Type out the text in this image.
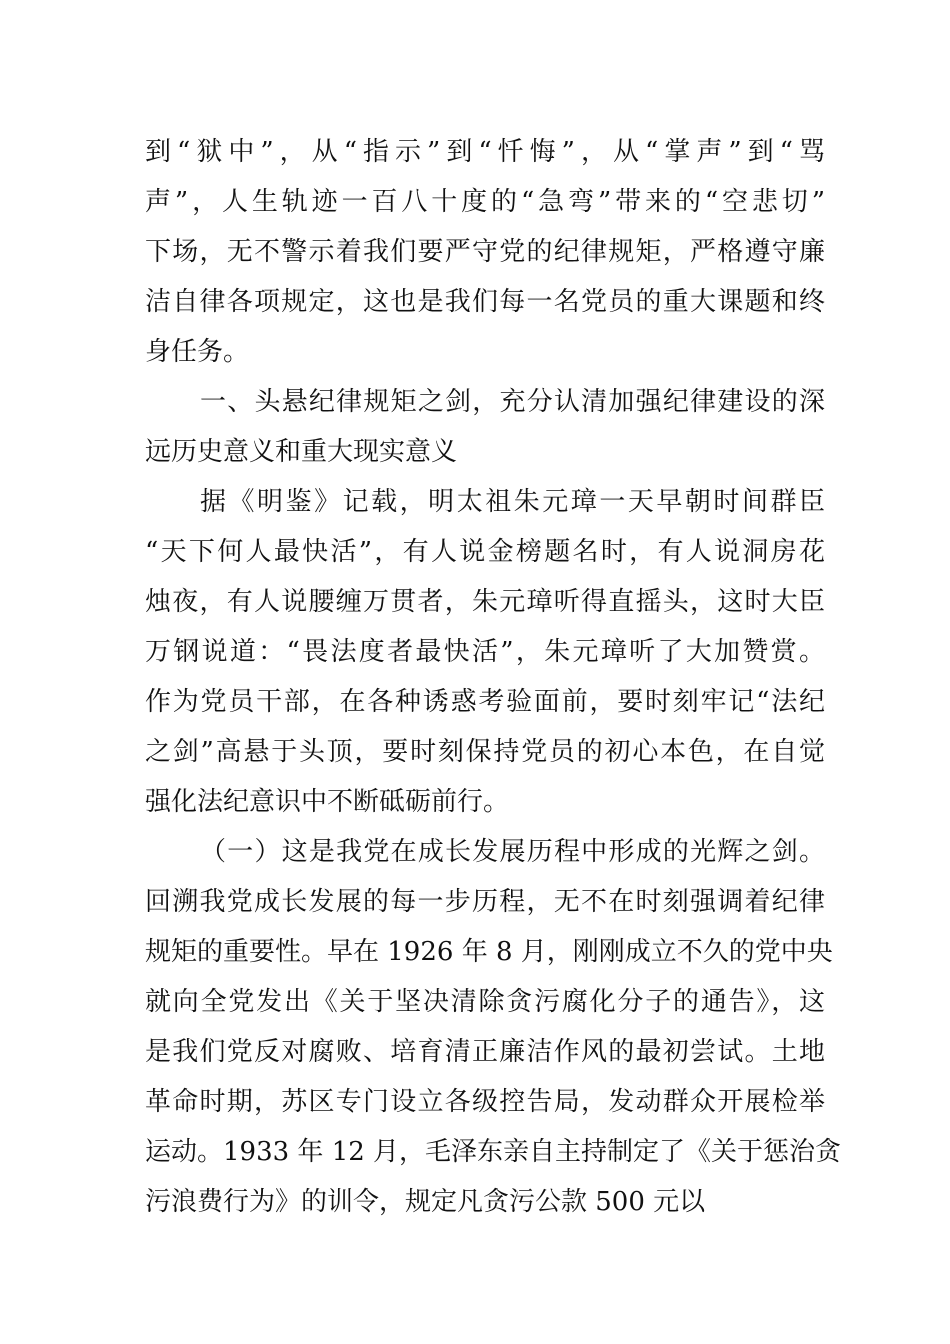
到“狱中”，从“指示”到“忏悔”，从“掌声”到“骂
声”，人生轨迹一百八十度的“急弯”带来的“空悲切”
下场，无不警示着我们要严守党的纪律规矩，严格遵守廉
洁自律各项规定，这也是我们每一名党员的重大课题和终
身任务。
一、头悬纪律规矩之剑，充分认清加强纪律建设的深
远历史意义和重大现实意义
据《明鉴》记载，明太祖朱元璋一天早朝时间群臣
“天下何人最快活”，有人说金榜题名时，有人说洞房花
烛夜，有人说腰缠万贯者，朱元璋听得直摇头，这时大臣
万钢说道：“畏法度者最快活”，朱元璋听了大加赞赏。
作为党员干部，在各种诱惑考验面前，要时刻牢记“法纪
之剑”高悬于头顶，要时刻保持党员的初心本色，在自觉
强化法纪意识中不断砥砺前行。
（一）这是我党在成长发展历程中形成的光辉之剑。
回溯我党成长发展的每一步历程，无不在时刻强调着纪律
规矩的重要性。早在 1926 年 8 月，刚刚成立不久的党中央
就向全党发出《关于坚决清除贪污腐化分子的通告》，这
是我们党反对腐败、培育清正廉洁作风的最初尝试。土地
革命时期，苏区专门设立各级控告局，发动群众开展检举
运动。1933 年 12 月，毛泽东亲自主持制定了《关于惩治贪
污浪费行为》的训令，规定凡贪污公款 500 元以
